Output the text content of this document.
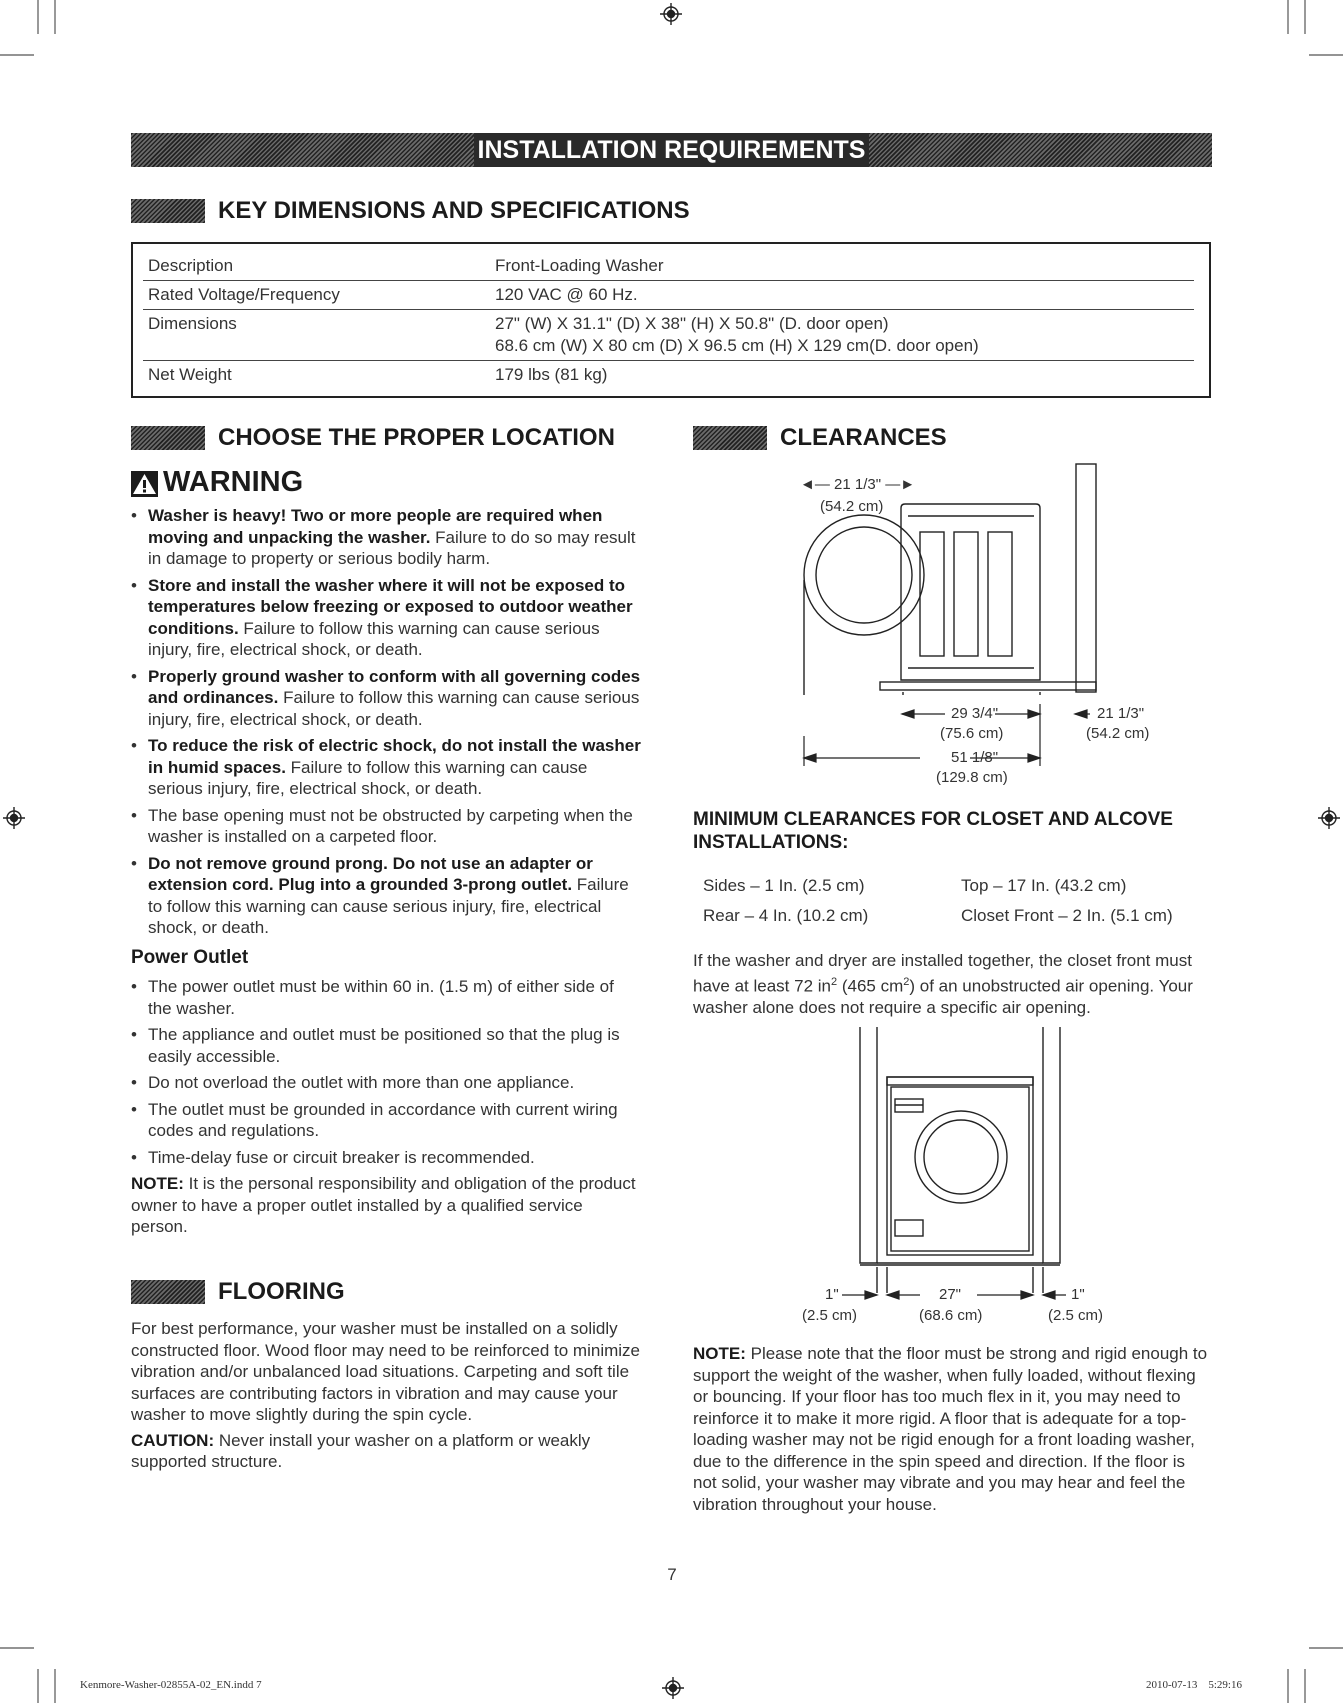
INSTALLATION REQUIREMENTS
KEY DIMENSIONS AND SPECIFICATIONS
Description	Front-Loading Washer
Rated Voltage/Frequency	120 VAC @ 60 Hz.
Dimensions	27" (W) X 31.1" (D) X 38" (H) X 50.8" (D. door open)
68.6 cm (W) X 80 cm (D) X 96.5 cm (H) X 129 cm(D. door open)
Net Weight	179 lbs (81 kg)
CHOOSE THE PROPER LOCATION
WARNING
• Washer is heavy! Two or more people are required when moving and unpacking the washer. Failure to do so may result in damage to property or serious bodily harm.
• Store and install the washer where it will not be exposed to temperatures below freezing or exposed to outdoor weather conditions. Failure to follow this warning can cause serious injury, fire, electrical shock, or death.
• Properly ground washer to conform with all governing codes and ordinances. Failure to follow this warning can cause serious injury, fire, electrical shock, or death.
• To reduce the risk of electric shock, do not install the washer in humid spaces. Failure to follow this warning can cause serious injury, fire, electrical shock, or death.
• The base opening must not be obstructed by carpeting when the washer is installed on a carpeted floor.
• Do not remove ground prong. Do not use an adapter or extension cord. Plug into a grounded 3-prong outlet. Failure to follow this warning can cause serious injury, fire, electrical shock, or death.
Power Outlet
• The power outlet must be within 60 in. (1.5 m) of either side of the washer.
• The appliance and outlet must be positioned so that the plug is easily accessible.
• Do not overload the outlet with more than one appliance.
• The outlet must be grounded in accordance with current wiring codes and regulations.
• Time-delay fuse or circuit breaker is recommended.
NOTE: It is the personal responsibility and obligation of the product owner to have a proper outlet installed by a qualified service person.
FLOORING
For best performance, your washer must be installed on a solidly constructed floor. Wood floor may need to be reinforced to minimize vibration and/or unbalanced load situations. Carpeting and soft tile surfaces are contributing factors in vibration and may cause your washer to move slightly during the spin cycle.
CAUTION: Never install your washer on a platform or weakly supported structure.
CLEARANCES
◄— 21 1/3" —►
(54.2 cm)
29 3/4"
(75.6 cm)
21 1/3"
(54.2 cm)
51 1/8"
(129.8 cm)
MINIMUM CLEARANCES FOR CLOSET AND ALCOVE INSTALLATIONS:
Sides – 1 In. (2.5 cm)	Top – 17 In. (43.2 cm)
Rear – 4 In. (10.2 cm)	Closet Front – 2 In. (5.1 cm)
If the washer and dryer are installed together, the closet front must have at least 72 $in^2$ (465 $cm^2$) of an unobstructed air opening. Your washer alone does not require a specific air opening.
1"
(2.5 cm)
27"
(68.6 cm)
1"
(2.5 cm)
NOTE: Please note that the floor must be strong and rigid enough to support the weight of the washer, when fully loaded, without flexing or bouncing. If your floor has too much flex in it, you may need to reinforce it to make it more rigid. A floor that is adequate for a top-loading washer may not be rigid enough for a front loading washer, due to the difference in the spin speed and direction. If the floor is not solid, your washer may vibrate and you may hear and feel the vibration throughout your house.
7
Kenmore-Washer-02855A-02_EN.indd 7	2010-07-13    5:29:16
